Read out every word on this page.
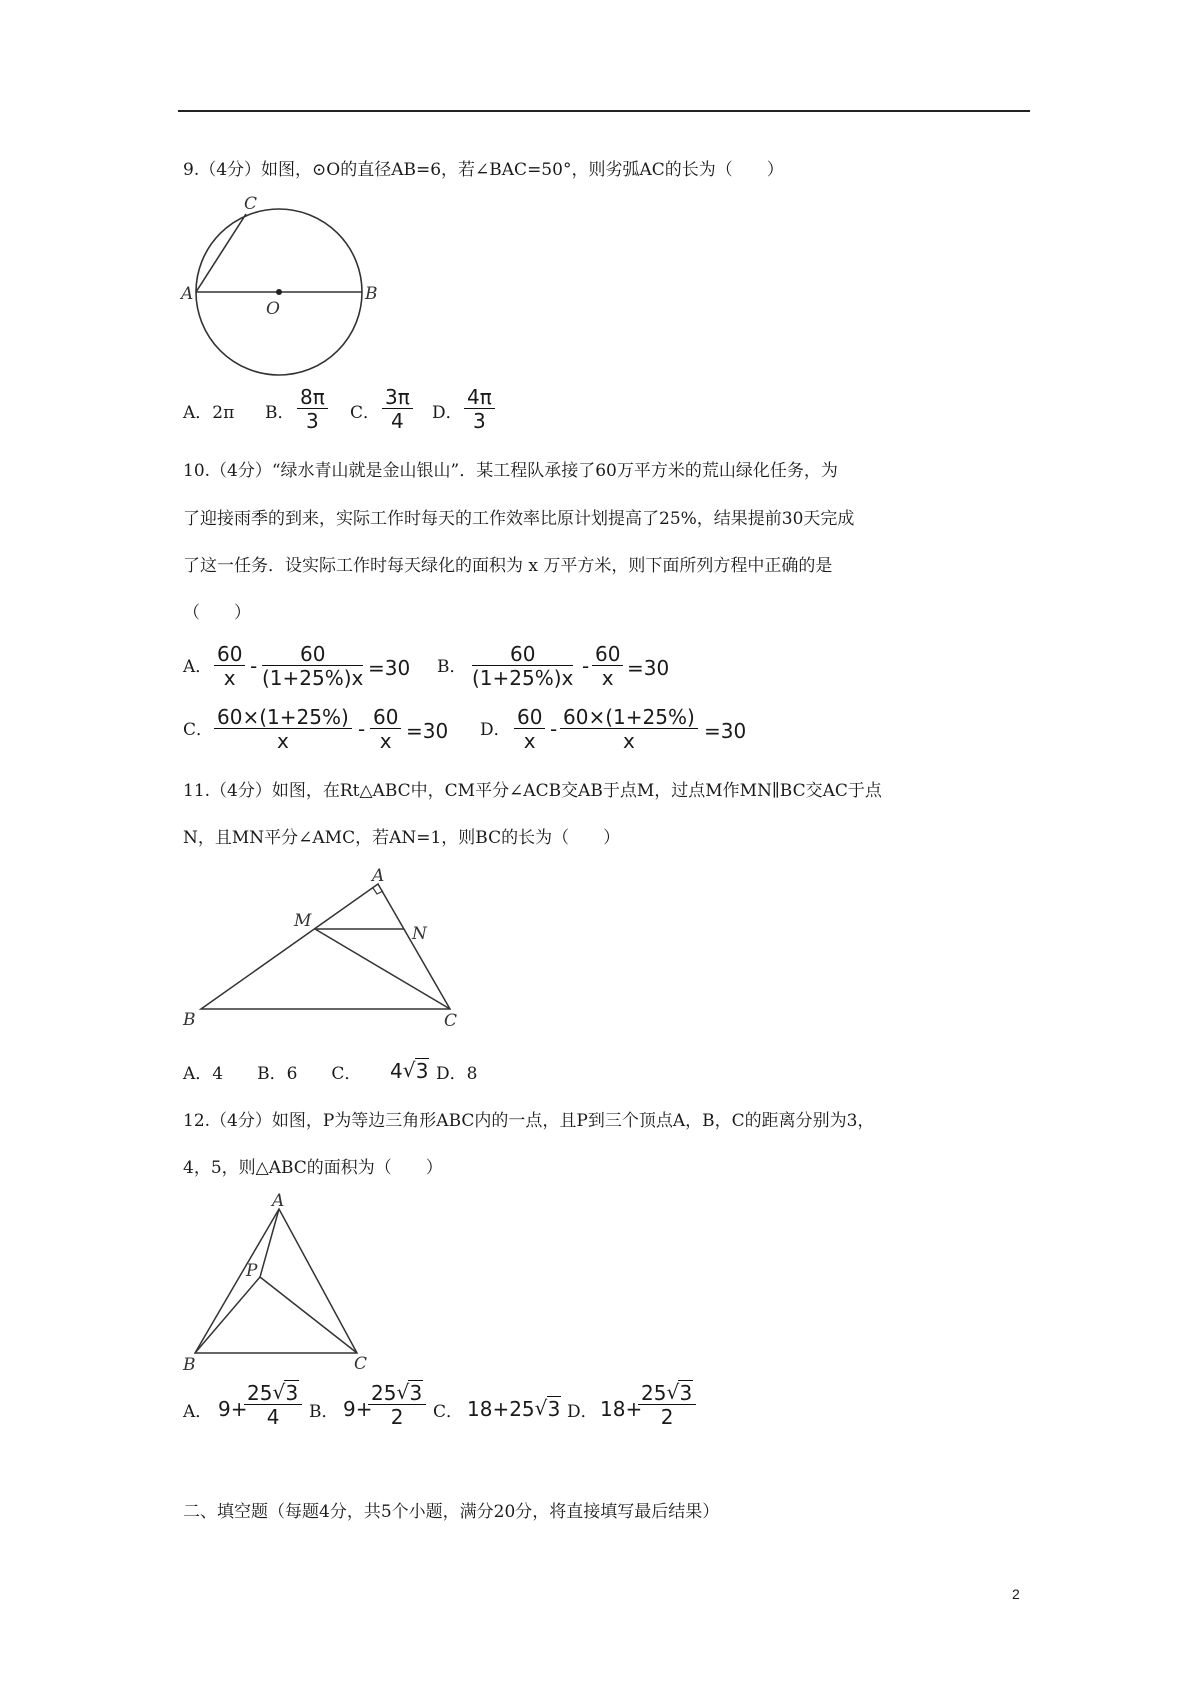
9.（4分）如图，⊙O的直径AB=6，若∠BAC=50°，则劣弧AC的长为（　　）
C
A	B
O
A．2π B． $\frac{8\pi}{3}$ C． $\frac{3\pi}{4}$ D． $\frac{4\pi}{3}$
10.（4分）“绿水青山就是金山银山”．某工程队承接了60万平方米的荒山绿化任务，为
了迎接雨季的到来，实际工作时每天的工作效率比原计划提高了25%，结果提前30天完成
了这一任务．设实际工作时每天绿化的面积为 x 万平方米，则下面所列方程中正确的是
（　　）
A． $\frac{60}{x} - \frac{60}{(1+25\%)x} =30$ B． $\frac{60}{(1+25\%)x} - \frac{60}{x} =30$
C． $\frac{60\times(1+25\%)}{x} - \frac{60}{x} =30$ D． $\frac{60}{x} - \frac{60\times(1+25\%)}{x} =30$
11.（4分）如图，在Rt△ABC中，CM平分∠ACB交AB于点M，过点M作MN∥BC交AC于点
N，且MN平分∠AMC，若AN=1，则BC的长为（　　）
A
M
N
B	C
A．4　　B．6　　C． 4 √ 3 D．8
12.（4分）如图，P为等边三角形ABC内的一点，且P到三个顶点A，B，C的距离分别为3，
4，5，则△ABC的面积为（　　）
A
P
B	C
A． 9+
$\frac{25 √ 3}{4}$ B． 9+
$\frac{25 √ 3}{2}$ C． 18+25 √ 3 D． 18+
$\frac{25 √ 3}{2}$
二、填空题（每题4分，共5个小题，满分20分，将直接填写最后结果）
2
